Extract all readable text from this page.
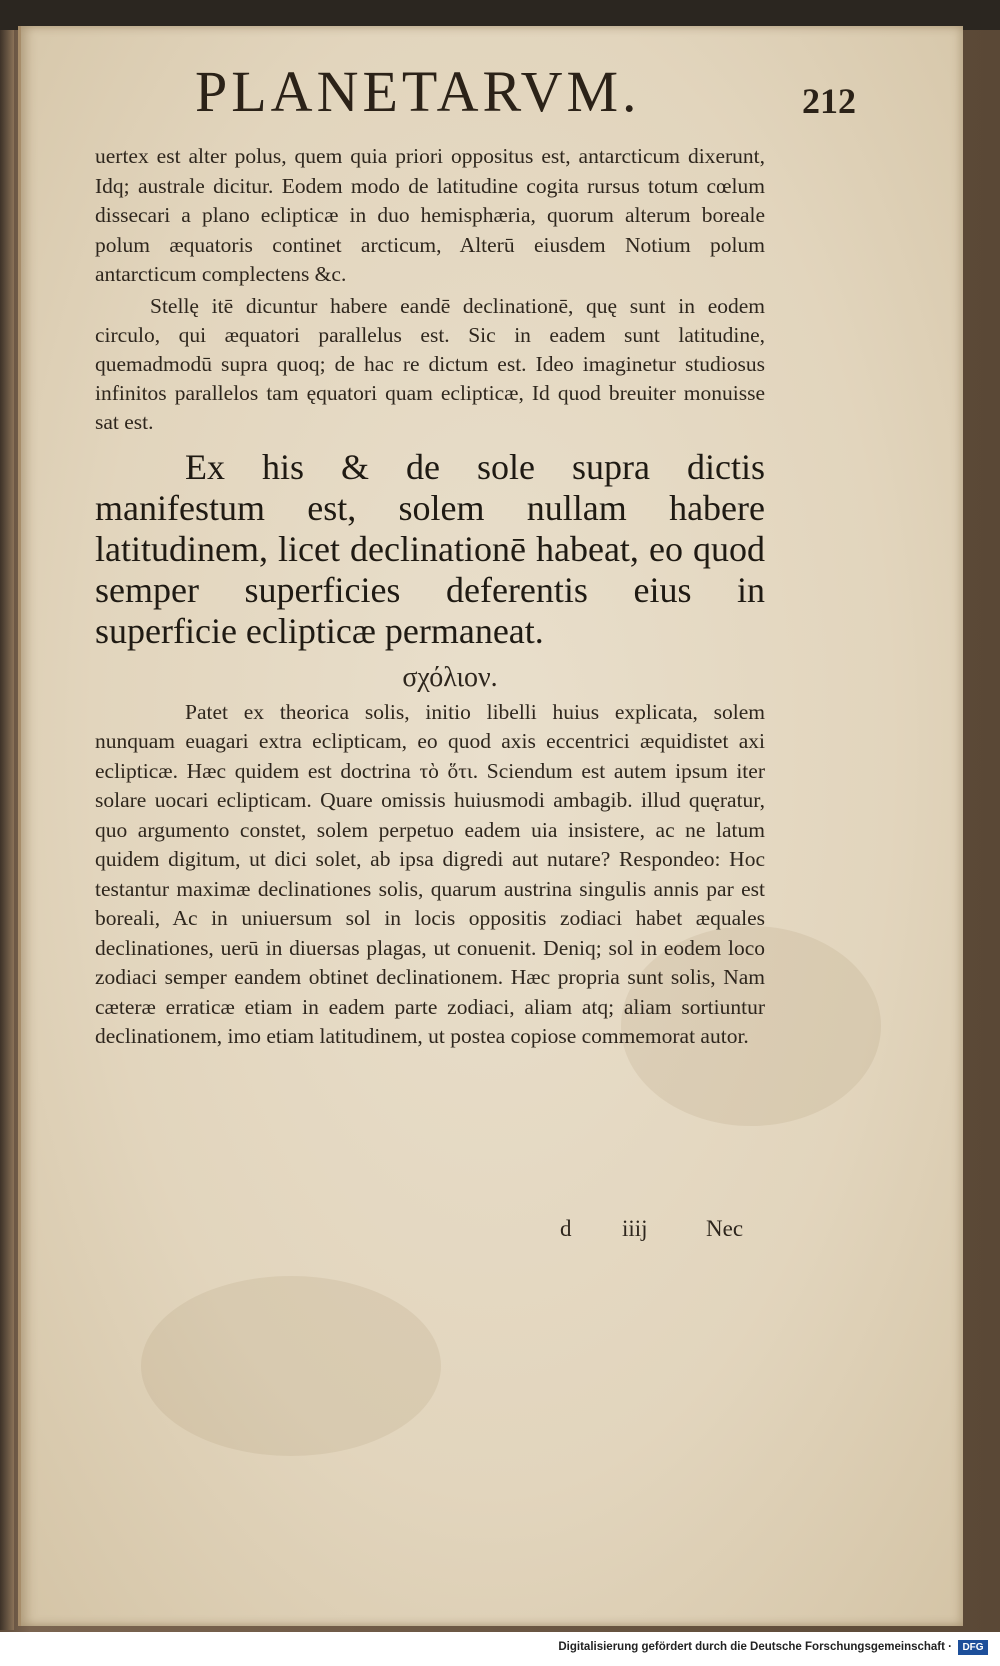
PLANETARVM.	212

uertex est alter polus, quem quia priori oppositus est, antarcticum dixerunt, Idq; australe dicitur. Eodem modo de latitudine cogita rursus totum cœlum dissecari a plano eclipticæ in duo hemisphæria, quorum alterum boreale polum æquatoris continet arcticum, Alterū eiusdem Notium polum antarcticum complectens &c.

Stellę itē dicuntur habere eandē declinationē, quę sunt in eodem circulo, qui æquatori parallelus est. Sic in eadem sunt latitudine, quemadmodū supra quoq; de hac re dictum est. Ideo imaginetur studiosus infinitos parallelos tam ęquatori quam eclipticæ, Id quod breuiter monuisse sat est.

Ex his & de sole supra dictis manifestum est, solem nullam habere latitudinem, licet declinationē habeat, eo quod semper superficies deferentis eius in superficie eclipticæ permaneat.

σχόλιον.

Patet ex theorica solis, initio libelli huius explicata, solem nunquam euagari extra eclipticam, eo quod axis eccentrici æquidistet axi eclipticæ. Hæc quidem est doctrina τὸ ὅτι. Sciendum est autem ipsum iter solare uocari eclipticam. Quare omissis huiusmodi ambagib. illud quęratur, quo argumento constet, solem perpetuo eadem uia insistere, ac ne latum quidem digitum, ut dici solet, ab ipsa digredi aut nutare? Respondeo: Hoc testantur maximæ declinationes solis, quarum austrina singulis annis par est boreali, Ac in uniuersum sol in locis oppositis zodiaci habet æquales declinationes, uerū in diuersas plagas, ut conuenit. Deniq; sol in eodem loco zodiaci semper eandem obtinet declinationem. Hæc propria sunt solis, Nam cæteræ erraticæ etiam in eadem parte zodiaci, aliam atq; aliam sortiuntur declinationem, imo etiam latitudinem, ut postea copiose commemorat autor.

d iiij	Nec
Digitalisierung gefördert durch die Deutsche Forschungsgemeinschaft ·	DFG
